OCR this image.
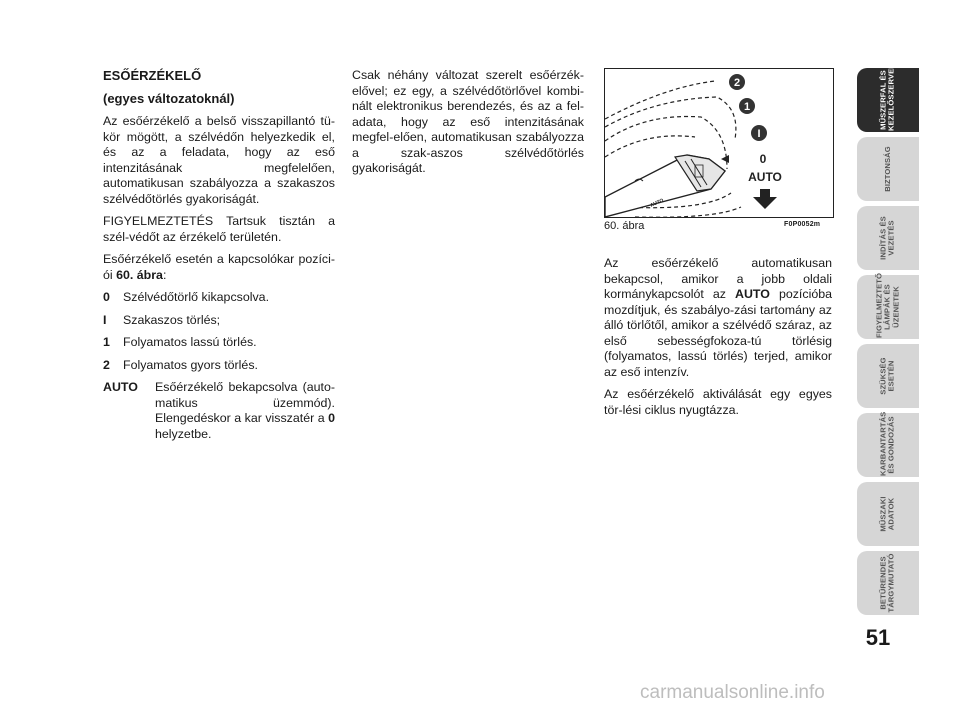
ESŐÉRZÉKELŐ

(egyes változatoknál)

Az esőérzékelő a belső visszapillantó tü-kör mögött, a szélvédőn helyezkedik el, és az a feladata, hogy az eső intenzitásának megfelelően, automatikusan szabályozza a szakaszos szélvédőtörlés gyakoriságát.

FIGYELMEZTETÉS Tartsuk tisztán a szél-védőt az érzékelő területén.

Esőérzékelő esetén a kapcsolókar pozíci-ói 60. ábra:

0	Szélvédőtörlő kikapcsolva.
I	Szakaszos törlés;
1	Folyamatos lassú törlés.
2	Folyamatos gyors törlés.
AUTO	Esőérzékelő bekapcsolva (auto-matikus üzemmód). Elengedéskor a kar visszatér a 0 helyzetbe.

Csak néhány változat szerelt esőérzék-elővel; ez egy, a szélvédőtörlővel kombi-nált elektronikus berendezés, és az a fel-adata, hogy az eső intenzitásának megfel-elően, automatikusan szabályozza a szak-aszos szélvédőtörlés gyakoriságát.

AUTO
2
1
I
0
AUTO
60. ábra	F0P0052m

Az esőérzékelő automatikusan bekapcsol, amikor a jobb oldali kormánykapcsolót az AUTO pozícióba mozdítjuk, és szabályo-zási tartomány az álló törlőtől, amikor a szélvédő száraz, az első sebességfokoza-tú törlésig (folyamatos, lassú törlés) terjed, amikor az eső intenzív.

Az esőérzékelő aktiválását egy egyes tör-lési ciklus nyugtázza.

MŰSZERFAL ÉS
KEZELŐSZERVEK
BIZTONSÁG
INDÍTÁS ÉS
VEZETÉS
FIGYELMEZTETŐ
LÁMPÁK ÉS
ÜZENETEK
SZÜKSÉG
ESETÉN
KARBANTARTÁS
ÉS GONDOZÁS
MŰSZAKI
ADATOK
BETŰRENDES
TÁRGYMUTATÓ
51
carmanualsonline.info
